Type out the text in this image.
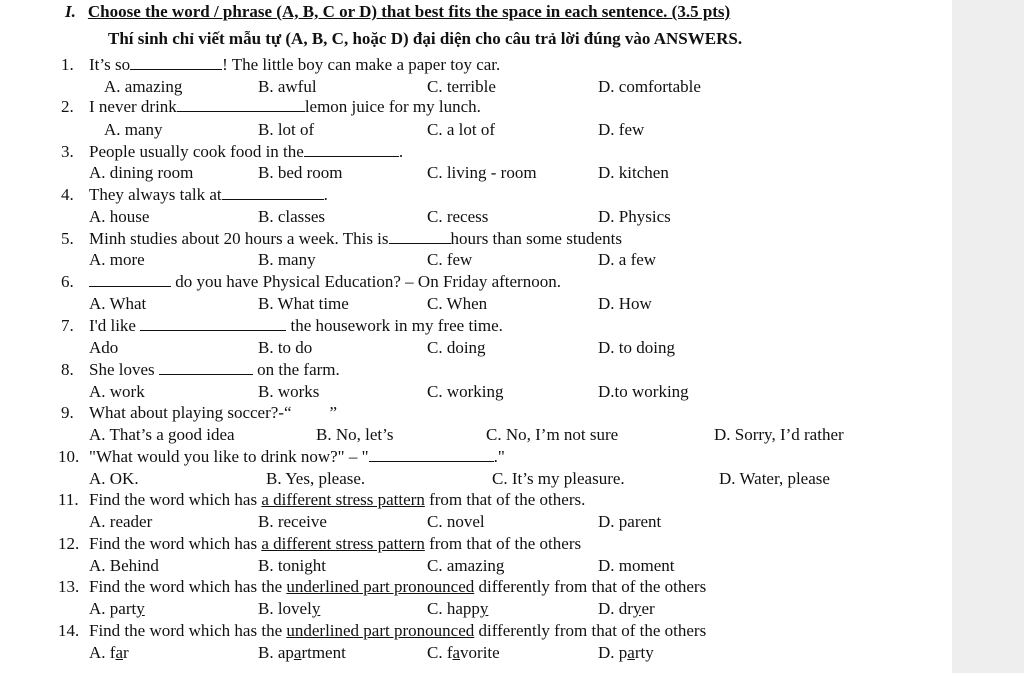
I. Choose the word / phrase (A, B, C or D) that best fits the space in each sentence. (3.5 pts)
Thí sinh chỉ viết mẫu tự (A, B, C, hoặc D) đại diện cho câu trả lời đúng vào ANSWERS.
1. It’s so	! The little boy can make a paper toy car.
A. amazing	B. awful	C. terrible	D. comfortable
2. I never drink	lemon juice for my lunch.
A. many	B. lot of	C. a lot of	D. few
3. People usually cook food in the	.
A. dining room	B. bed room	C. living - room	D. kitchen
4. They always talk at	.
A. house	B. classes	C. recess	D. Physics
5. Minh studies about 20 hours a week. This is	hours than some students
A. more	B. many	C. few	D. a few
6.	do you have Physical Education? – On Friday afternoon.
A. What	B. What time	C. When	D. How
7. I'd like	the housework in my free time.
Ado	B. to do	C. doing	D. to doing
8. She loves	on the farm.
A. work	B. works	C. working	D.to working
9. What about playing soccer?-“ ”
A. That’s a good idea	B. No, let’s	C. No, I’m not sure	D. Sorry, I’d rather
10. "What would you like to drink now?" – "	."
A. OK.	B. Yes, please.	C. It’s my pleasure.	D. Water, please
11. Find the word which has a different stress pattern from that of the others.
A. reader	B. receive	C. novel	D. parent
12. Find the word which has a different stress pattern from that of the others
A. Behind	B. tonight	C. amazing	D. moment
13. Find the word which has the underlined part pronounced differently from that of the others
A. party	B. lovely	C. happy	D. dryer
14. Find the word which has the underlined part pronounced differently from that of the others
A. far	B. apartment	C. favorite	D. party
